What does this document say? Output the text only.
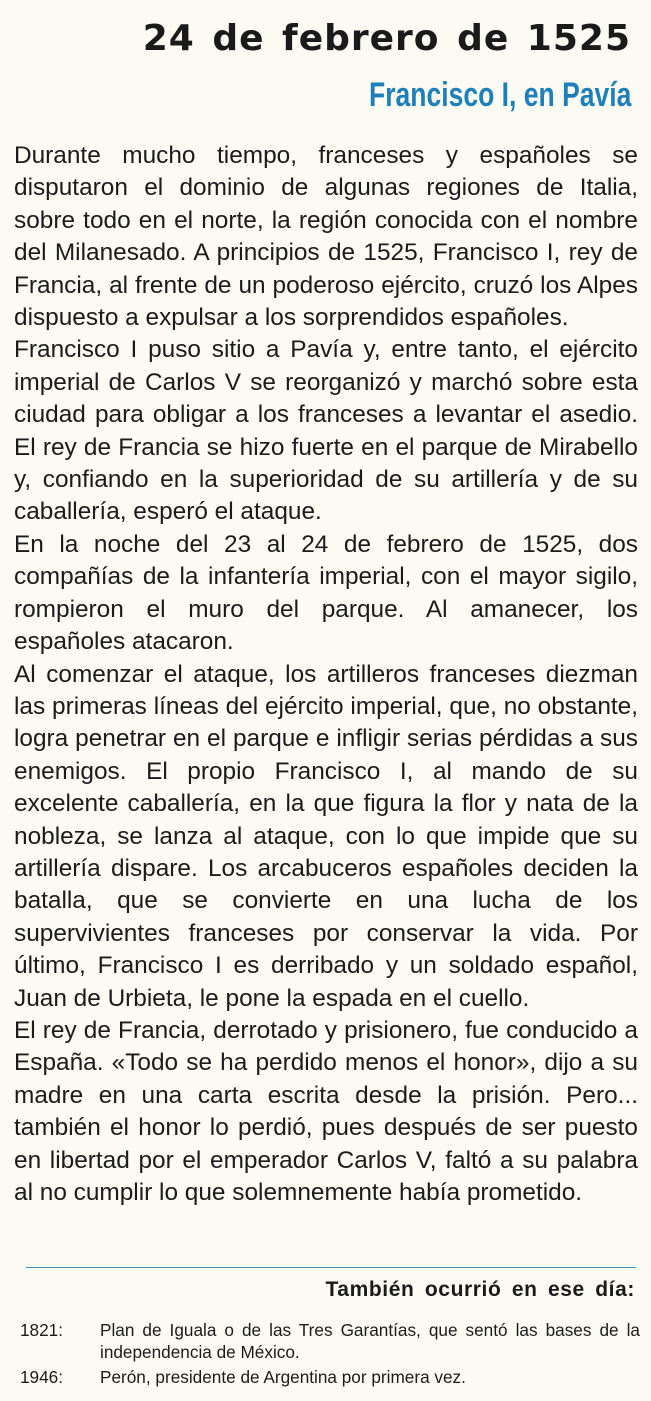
24 de febrero de 1525
Francisco I, en Pavía

Durante mucho tiempo, franceses y españoles se disputaron el dominio de algunas regiones de Italia, sobre todo en el norte, la región conocida con el nombre del Milanesado. A principios de 1525, Francisco I, rey de Francia, al frente de un poderoso ejército, cruzó los Alpes dispuesto a expulsar a los sorprendidos españoles.

Francisco I puso sitio a Pavía y, entre tanto, el ejército imperial de Carlos V se reorganizó y marchó sobre esta ciudad para obligar a los franceses a levantar el asedio. El rey de Francia se hizo fuerte en el parque de Mirabello y, confiando en la superioridad de su artillería y de su caballería, esperó el ataque.

En la noche del 23 al 24 de febrero de 1525, dos compañías de la infantería imperial, con el mayor sigilo, rompieron el muro del parque. Al amanecer, los españoles atacaron.

Al comenzar el ataque, los artilleros franceses diezman las primeras líneas del ejército imperial, que, no obstante, logra penetrar en el parque e infligir serias pérdidas a sus enemigos. El propio Francisco I, al mando de su excelente caballería, en la que figura la flor y nata de la nobleza, se lanza al ataque, con lo que impide que su artillería dispare. Los arcabuceros españoles deciden la batalla, que se convierte en una lucha de los supervivientes franceses por conservar la vida. Por último, Francisco I es derribado y un soldado español, Juan de Urbieta, le pone la espada en el cuello.

El rey de Francia, derrotado y prisionero, fue conducido a España. «Todo se ha perdido menos el honor», dijo a su madre en una carta escrita desde la prisión. Pero... también el honor lo perdió, pues después de ser puesto en libertad por el emperador Carlos V, faltó a su palabra al no cumplir lo que solemnemente había prometido.

También ocurrió en ese día:
1821:	Plan de Iguala o de las Tres Garantías, que sentó las bases de la independencia de México.
1946:	Perón, presidente de Argentina por primera vez.
